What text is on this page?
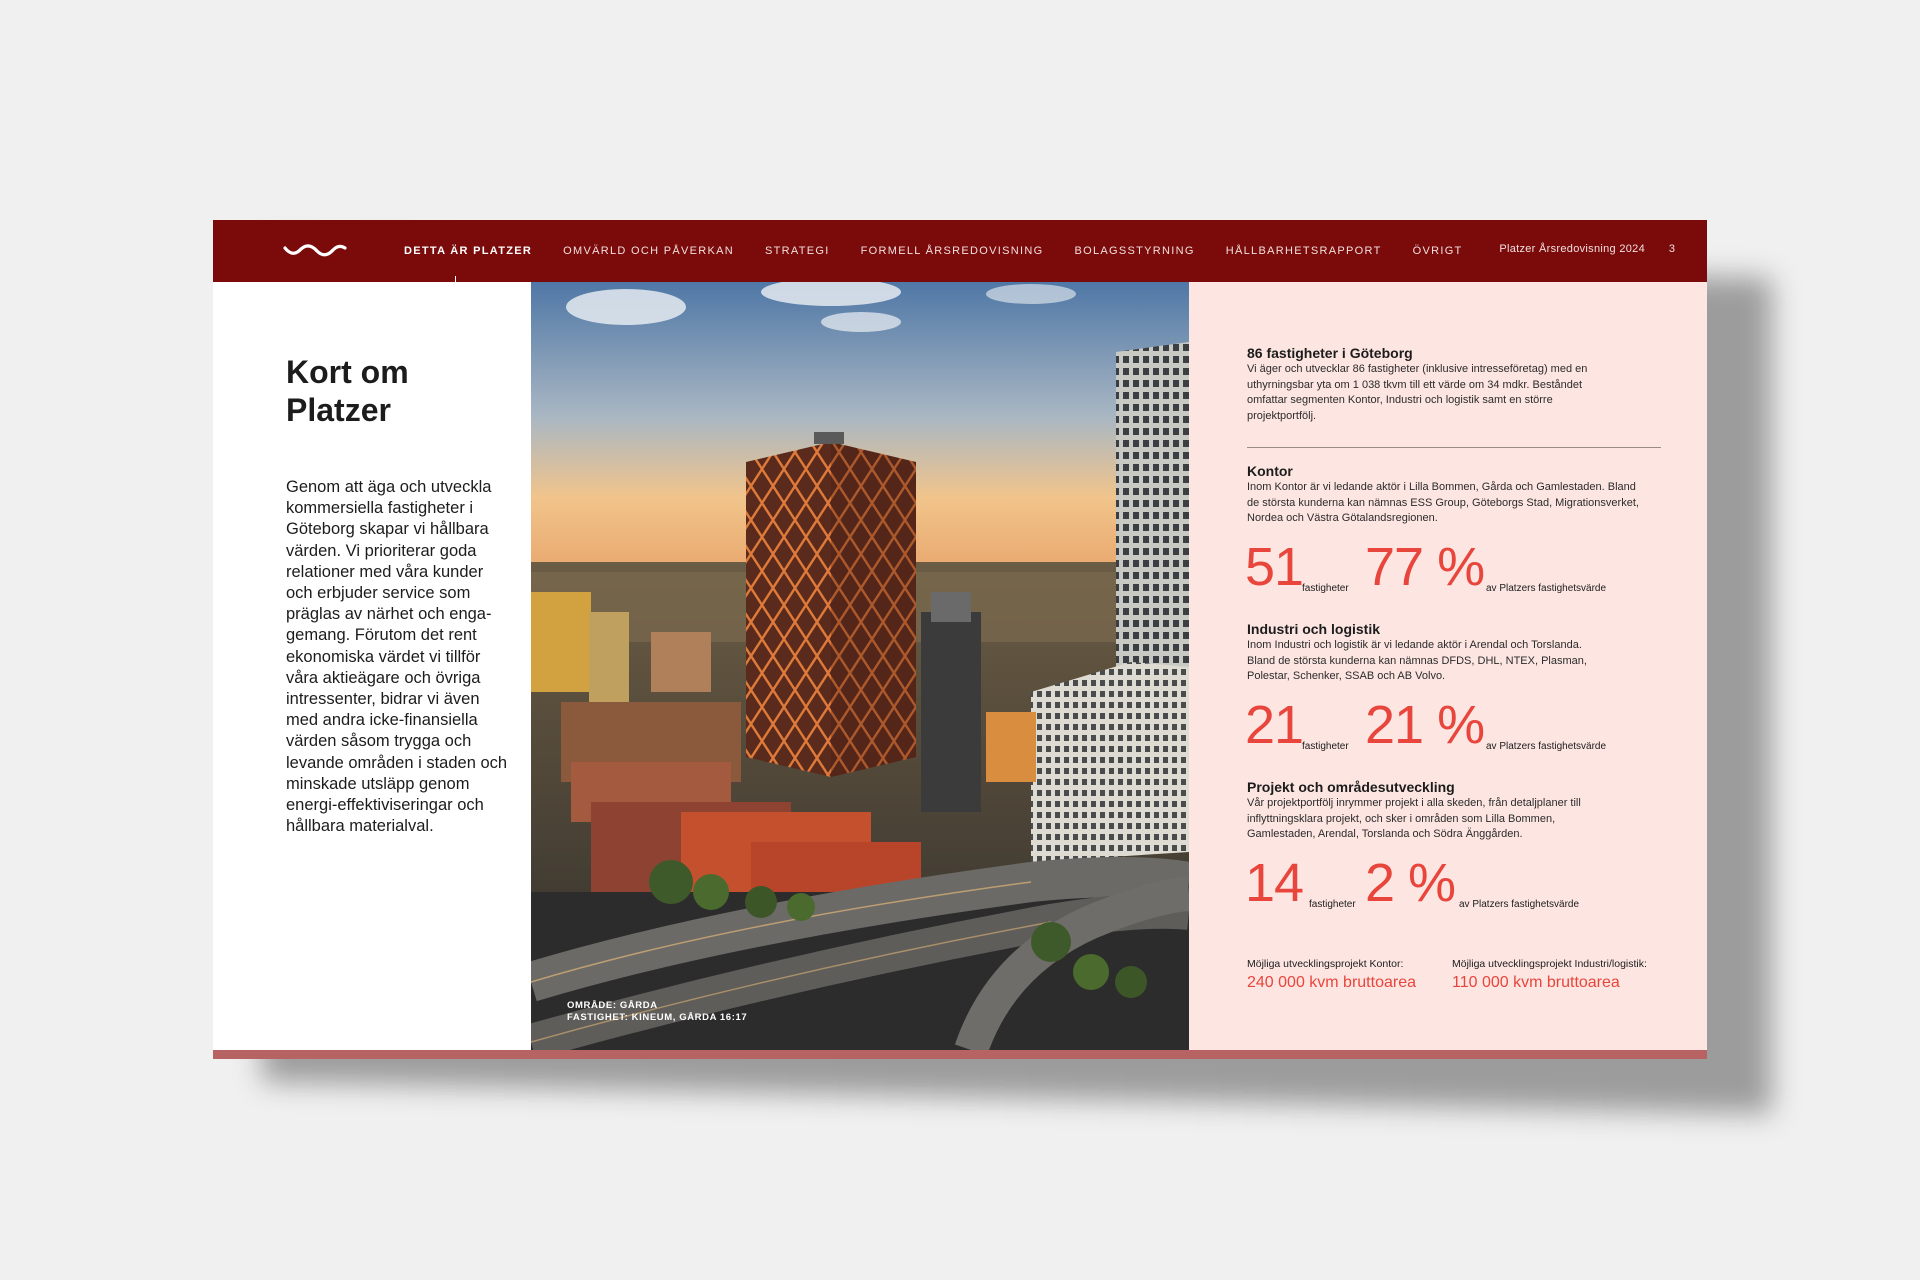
DETTA ÄR PLATZER	OMVÄRLD OCH PÅVERKAN	STRATEGI	FORMELL ÅRSREDOVISNING	BOLAGSSTYRNING	HÅLLBARHETSRAPPORT	ÖVRIGT	Platzer Årsredovisning 2024 3
Kort om Platzer

Genom att äga och utveckla kommersiella fastigheter i Göteborg skapar vi hållbara värden. Vi prioriterar goda relationer med våra kunder och erbjuder service som präglas av närhet och engagemang. Förutom det rent ekonomiska värdet vi tillför våra aktieägare och övriga intressenter, bidrar vi även med andra icke-finansiella värden såsom trygga och levande områden i staden och minskade utsläpp genom energi-effektiviseringar och hållbara materialval.

OMRÅDE: GÅRDA
FASTIGHET: KINEUM, GÅRDA 16:17
86 fastigheter i Göteborg
Vi äger och utvecklar 86 fastigheter (inklusive intresseföretag) med en uthyrningsbar yta om 1 038 tkvm till ett värde om 34 mdkr. Beståndet omfattar segmenten Kontor, Industri och logistik samt en större projektportfölj.
Kontor
Inom Kontor är vi ledande aktör i Lilla Bommen, Gårda och Gamlestaden. Bland de största kunderna kan nämnas ESS Group, Göteborgs Stad, Migrationsverket, Nordea och Västra Götalandsregionen.
51
fastigheter 77 % av Platzers fastighetsvärde
Industri och logistik
Inom Industri och logistik är vi ledande aktör i Arendal och Torslanda. Bland de största kunderna kan nämnas DFDS, DHL, NTEX, Plasman, Polestar, Schenker, SSAB och AB Volvo.
21
fastigheter 21 % av Platzers fastighetsvärde
Projekt och områdesutveckling
Vår projektportfölj inrymmer projekt i alla skeden, från detaljplaner till inflyttningsklara projekt, och sker i områden som Lilla Bommen, Gamlestaden, Arendal, Torslanda och Södra Änggården.
14 fastigheter 2 % av Platzers fastighetsvärde
Möjliga utvecklingsprojekt Kontor:
240 000 kvm bruttoarea
Möjliga utvecklingsprojekt Industri/logistik:
110 000 kvm bruttoarea
